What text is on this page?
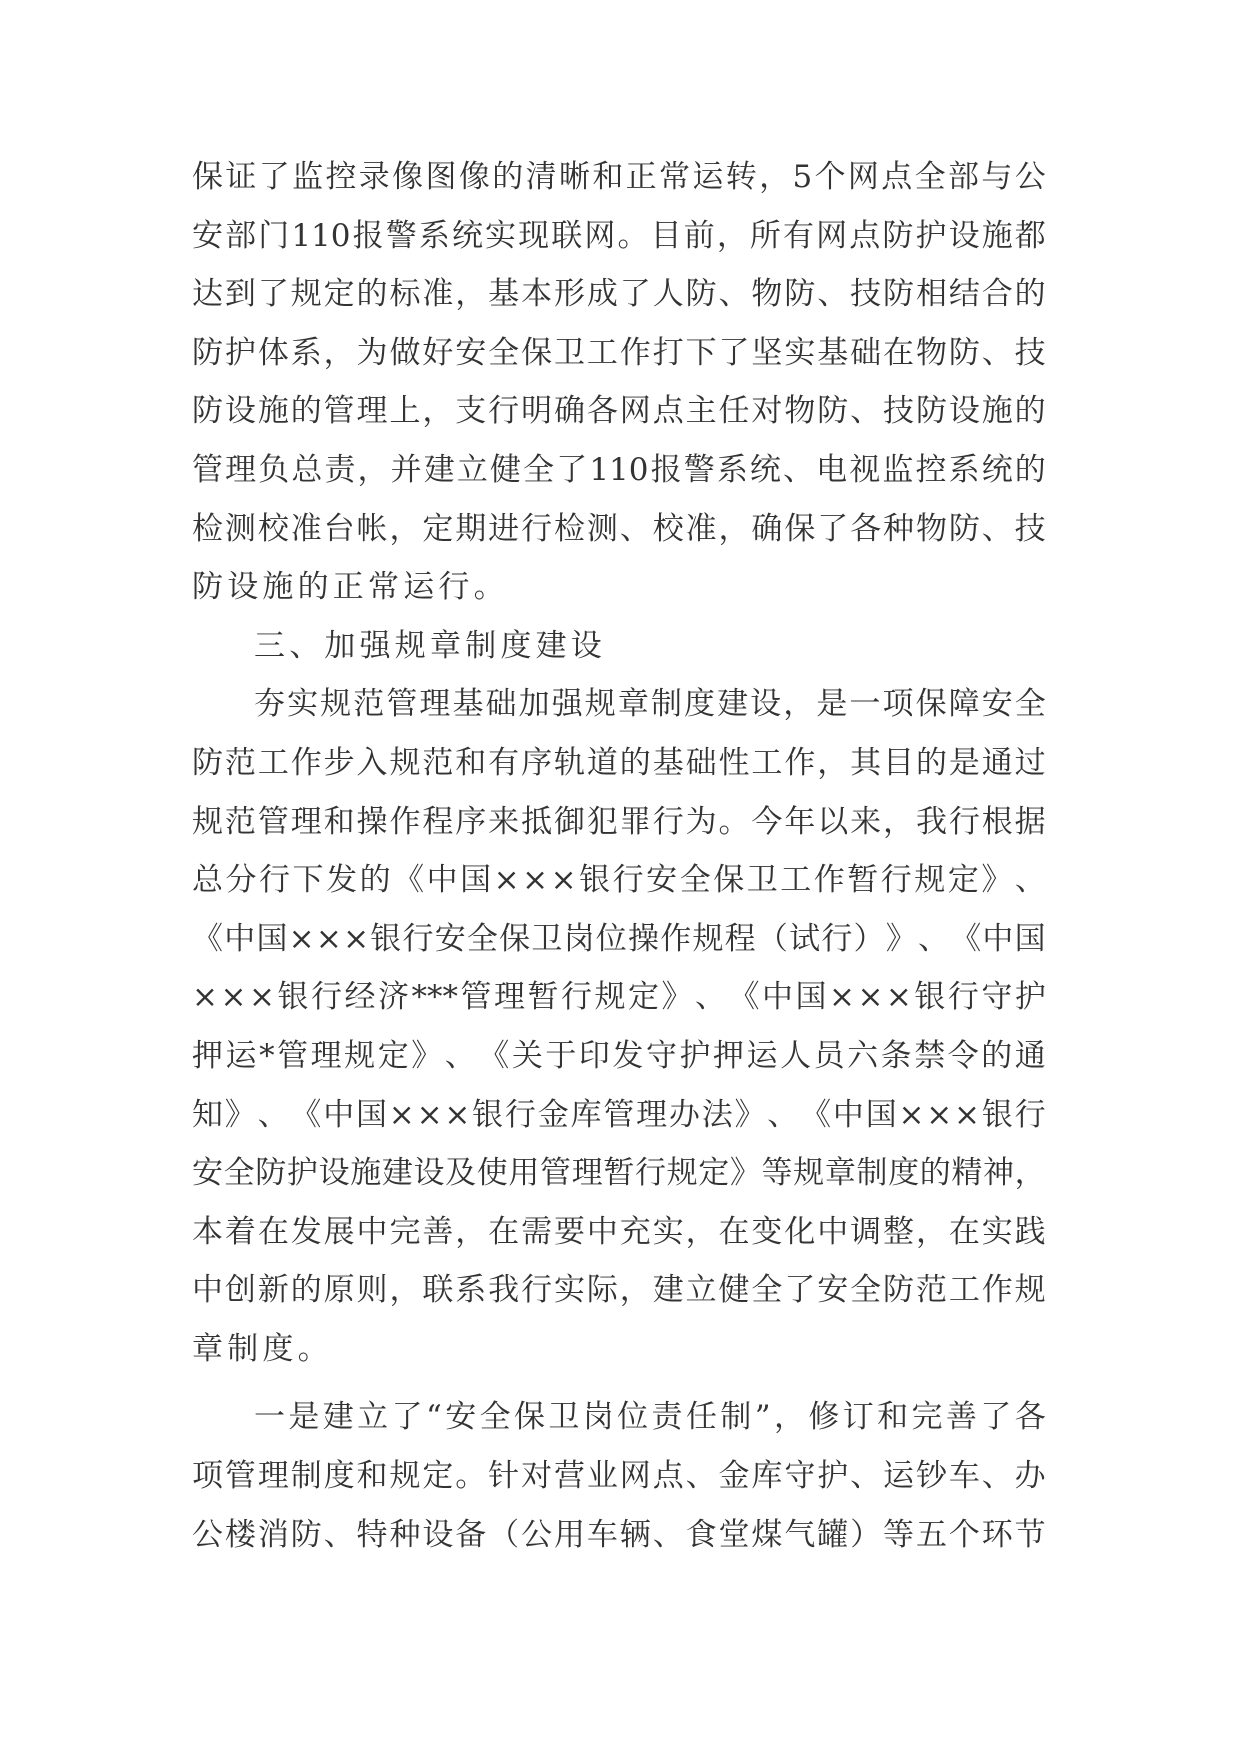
保 证 了 监 控 录 像 图 像 的 清 晰 和 正 常 运 转 ， 5 个 网 点 全 部 与 公
安 部 门 110 报 警 系 统 实 现 联 网 。 目 前 ， 所 有 网 点 防 护 设 施 都
达 到 了 规 定 的 标 准 ， 基 本 形 成 了 人 防 、 物 防 、 技 防 相 结 合 的
防 护 体 系 ， 为 做 好 安 全 保 卫 工 作 打 下 了 坚 实 基 础 在 物 防 、 技
防 设 施 的 管 理 上 ， 支 行 明 确 各 网 点 主 任 对 物 防 、 技 防 设 施 的
管 理 负 总 责 ， 并 建 立 健 全 了 110 报 警 系 统 、 电 视 监 控 系 统 的
检 测 校 准 台 帐 ， 定 期 进 行 检 测 、 校 准 ， 确 保 了 各 种 物 防 、 技
防设施的正常运行。
三、加强规章制度建设
夯 实 规 范 管 理 基 础 加 强 规 章 制 度 建 设 ， 是 一 项 保 障 安 全
防 范 工 作 步 入 规 范 和 有 序 轨 道 的 基 础 性 工 作 ， 其 目 的 是 通 过
规 范 管 理 和 操 作 程 序 来 抵 御 犯 罪 行 为 。 今 年 以 来 ， 我 行 根 据
总 分 行 下 发 的 《 中 国 × × × 银 行 安 全 保 卫 工 作 暂 行 规 定 》 、
《 中 国 × × × 银 行 安 全 保 卫 岗 位 操 作 规 程 （ 试 行 ） 》 、 《 中 国
× × × 银 行 经 济 *** 管 理 暂 行 规 定 》 、 《 中 国 × × × 银 行 守 护
押 运 * 管 理 规 定 》 、 《 关 于 印 发 守 护 押 运 人 员 六 条 禁 令 的 通
知 》 、 《 中 国 × × × 银 行 金 库 管 理 办 法 》 、 《 中 国 × × × 银 行
安 全 防 护 设 施 建 设 及 使 用 管 理 暂 行 规 定 》 等 规 章 制 度 的 精 神 ，
本 着 在 发 展 中 完 善 ， 在 需 要 中 充 实 ， 在 变 化 中 调 整 ， 在 实 践
中 创 新 的 原 则 ， 联 系 我 行 实 际 ， 建 立 健 全 了 安 全 防 范 工 作 规
章制度。
一 是 建 立 了 “ 安 全 保 卫 岗 位 责 任 制 ” ， 修 订 和 完 善 了 各
项 管 理 制 度 和 规 定 。 针 对 营 业 网 点 、 金 库 守 护 、 运 钞 车 、 办
公 楼 消 防 、 特 种 设 备 （ 公 用 车 辆 、 食 堂 煤 气 罐 ） 等 五 个 环 节
